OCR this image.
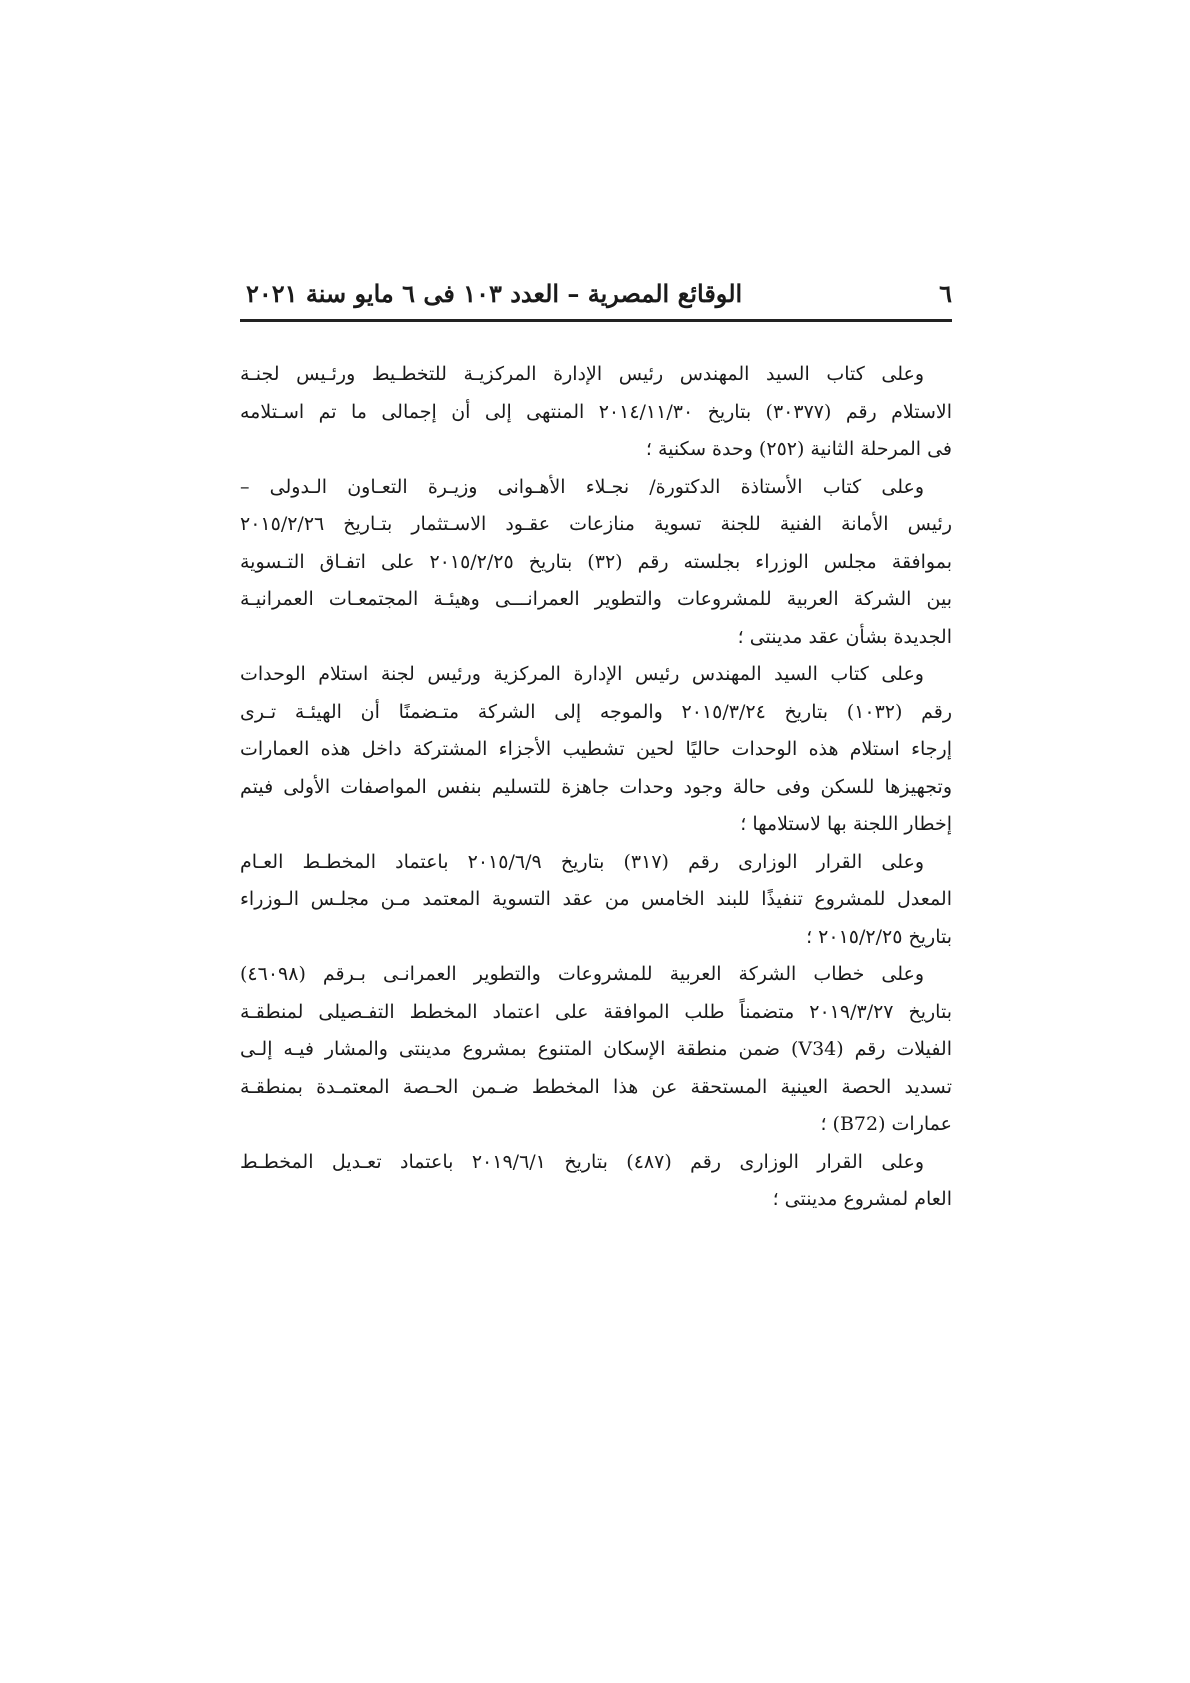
٦
الوقائع المصرية – العدد ١٠٣ فى ٦ مايو سنة ٢٠٢١

وعلى كتاب السيد المهندس رئيس الإدارة المركزيـة للتخطـيط ورئـيس لجنـة
الاستلام رقم (٣٠٣٧٧) بتاريخ ٢٠١٤/١١/٣٠ المنتهى إلى أن إجمالى ما تم اسـتلامه
فى المرحلة الثانية (٢٥٢) وحدة سكنية ؛

وعلى كتاب الأستاذة الدكتورة/ نجـلاء الأهـوانى وزيـرة التعـاون الـدولى –
رئيس الأمانة الفنية للجنة تسوية منازعات عقـود الاسـتثمار بتـاريخ ٢٠١٥/٢/٢٦
بموافقة مجلس الوزراء بجلسته رقم (٣٢) بتاريخ ٢٠١٥/٢/٢٥ على اتفـاق التـسوية
بين الشركة العربية للمشروعات والتطوير العمرانـــى وهيئـة المجتمعـات العمرانيـة
الجديدة بشأن عقد مدينتى ؛

وعلى كتاب السيد المهندس رئيس الإدارة المركزية ورئيس لجنة استلام الوحدات
رقم (١٠٣٢) بتاريخ ٢٠١٥/٣/٢٤ والموجه إلى الشركة متـضمنًا أن الهيئـة تـرى
إرجاء استلام هذه الوحدات حاليًا لحين تشطيب الأجزاء المشتركة داخل هذه العمارات
وتجهيزها للسكن وفى حالة وجود وحدات جاهزة للتسليم بنفس المواصفات الأولى فيتم
إخطار اللجنة بها لاستلامها ؛

وعلى القرار الوزارى رقم (٣١٧) بتاريخ ٢٠١٥/٦/٩ باعتماد المخطـط العـام
المعدل للمشروع تنفيذًا للبند الخامس من عقد التسوية المعتمد مـن مجلـس الـوزراء
بتاريخ ٢٠١٥/٢/٢٥ ؛

وعلى خطاب الشركة العربية للمشروعات والتطوير العمرانـى بـرقم (٤٦٠٩٨)
بتاريخ ٢٠١٩/٣/٢٧ متضمناً طلب الموافقة على اعتماد المخطط التفـصيلى لمنطقـة
الفيلات رقم (V34) ضمن منطقة الإسكان المتنوع بمشروع مدينتى والمشار فيـه إلـى
تسديد الحصة العينية المستحقة عن هذا المخطط ضـمن الحـصة المعتمـدة بمنطقـة
عمارات (B72) ؛

وعلى القرار الوزارى رقم (٤٨٧) بتاريخ ٢٠١٩/٦/١ باعتماد تعـديل المخطـط
العام لمشروع مدينتى ؛
